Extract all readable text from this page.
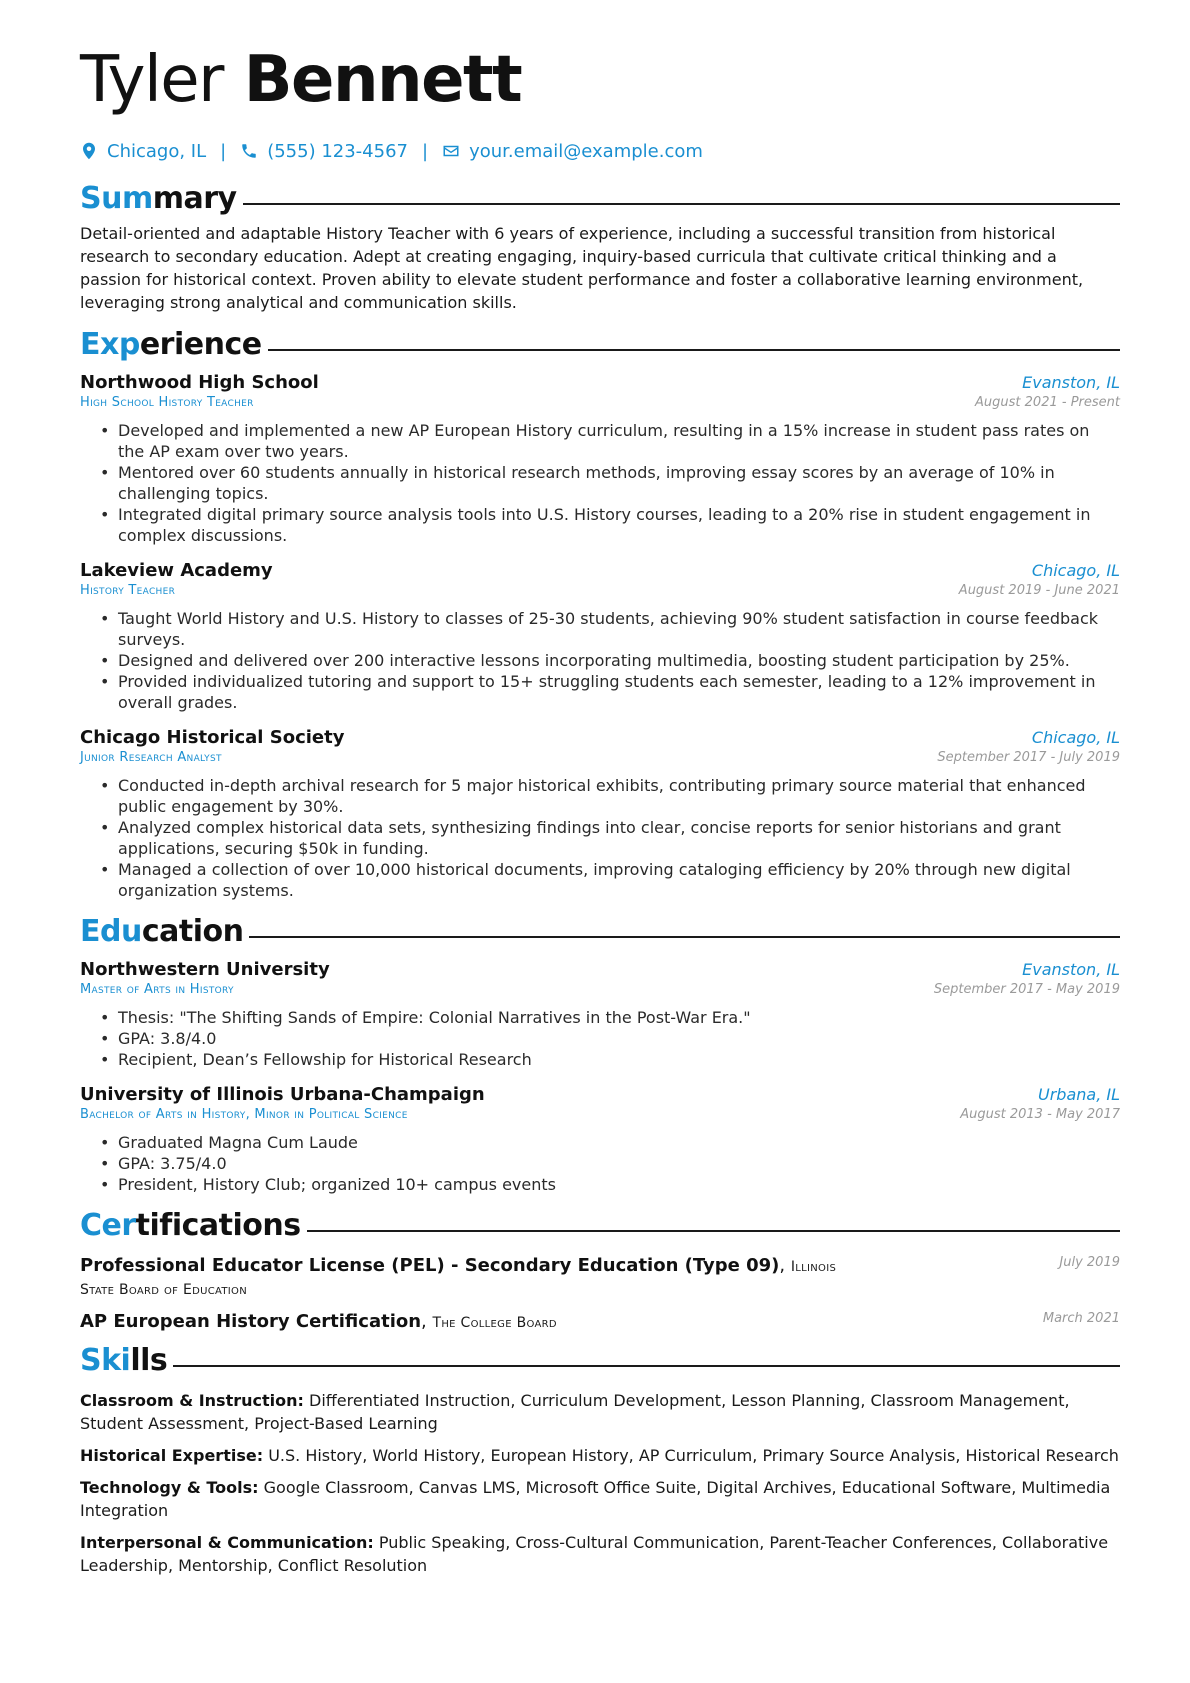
Tyler Bennett
Chicago, IL | (555) 123-4567 | your.email@example.com
Summary

Detail-oriented and adaptable History Teacher with 6 years of experience, including a successful transition from historical research to secondary education. Adept at creating engaging, inquiry-based curricula that cultivate critical thinking and a passion for historical context. Proven ability to elevate student performance and foster a collaborative learning environment, leveraging strong analytical and communication skills.

Experience
Northwood High School	Evanston, IL
High School History Teacher	August 2021 - Present
• Developed and implemented a new AP European History curriculum, resulting in a 15% increase in student pass rates on the AP exam over two years.
• Mentored over 60 students annually in historical research methods, improving essay scores by an average of 10% in challenging topics.
• Integrated digital primary source analysis tools into U.S. History courses, leading to a 20% rise in student engagement in complex discussions.
Lakeview Academy	Chicago, IL
History Teacher	August 2019 - June 2021
• Taught World History and U.S. History to classes of 25-30 students, achieving 90% student satisfaction in course feedback surveys.
• Designed and delivered over 200 interactive lessons incorporating multimedia, boosting student participation by 25%.
• Provided individualized tutoring and support to 15+ struggling students each semester, leading to a 12% improvement in overall grades.
Chicago Historical Society	Chicago, IL
Junior Research Analyst	September 2017 - July 2019
• Conducted in-depth archival research for 5 major historical exhibits, contributing primary source material that enhanced public engagement by 30%.
• Analyzed complex historical data sets, synthesizing findings into clear, concise reports for senior historians and grant applications, securing $50k in funding.
• Managed a collection of over 10,000 historical documents, improving cataloging efficiency by 20% through new digital organization systems.
Education
Northwestern University	Evanston, IL
Master of Arts in History	September 2017 - May 2019
• Thesis: "The Shifting Sands of Empire: Colonial Narratives in the Post-War Era."
• GPA: 3.8/4.0
• Recipient, Dean’s Fellowship for Historical Research
University of Illinois Urbana-Champaign	Urbana, IL
Bachelor of Arts in History, Minor in Political Science	August 2013 - May 2017
• Graduated Magna Cum Laude
• GPA: 3.75/4.0
• President, History Club; organized 10+ campus events
Certifications
Professional Educator License (PEL) - Secondary Education (Type 09), Illinois State Board of Education
July 2019
AP European History Certification, The College Board	March 2021
Skills

Classroom & Instruction: Differentiated Instruction, Curriculum Development, Lesson Planning, Classroom Management, Student Assessment, Project-Based Learning

Historical Expertise: U.S. History, World History, European History, AP Curriculum, Primary Source Analysis, Historical Research

Technology & Tools: Google Classroom, Canvas LMS, Microsoft Office Suite, Digital Archives, Educational Software, Multimedia Integration

Interpersonal & Communication: Public Speaking, Cross-Cultural Communication, Parent-Teacher Conferences, Collaborative Leadership, Mentorship, Conflict Resolution
